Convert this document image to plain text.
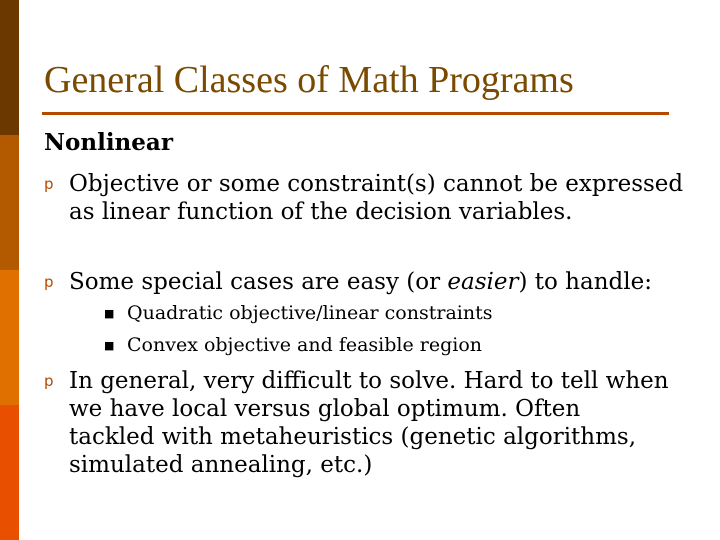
General Classes of Math Programs
Nonlinear
p Objective or some constraint(s) cannot be expressed as linear function of the decision variables.
p Some special cases are easy (or easier) to handle:
■ Quadratic objective/linear constraints
■ Convex objective and feasible region
p In general, very difficult to solve. Hard to tell when we have local versus global optimum. Often tackled with metaheuristics (genetic algorithms, simulated annealing, etc.)
